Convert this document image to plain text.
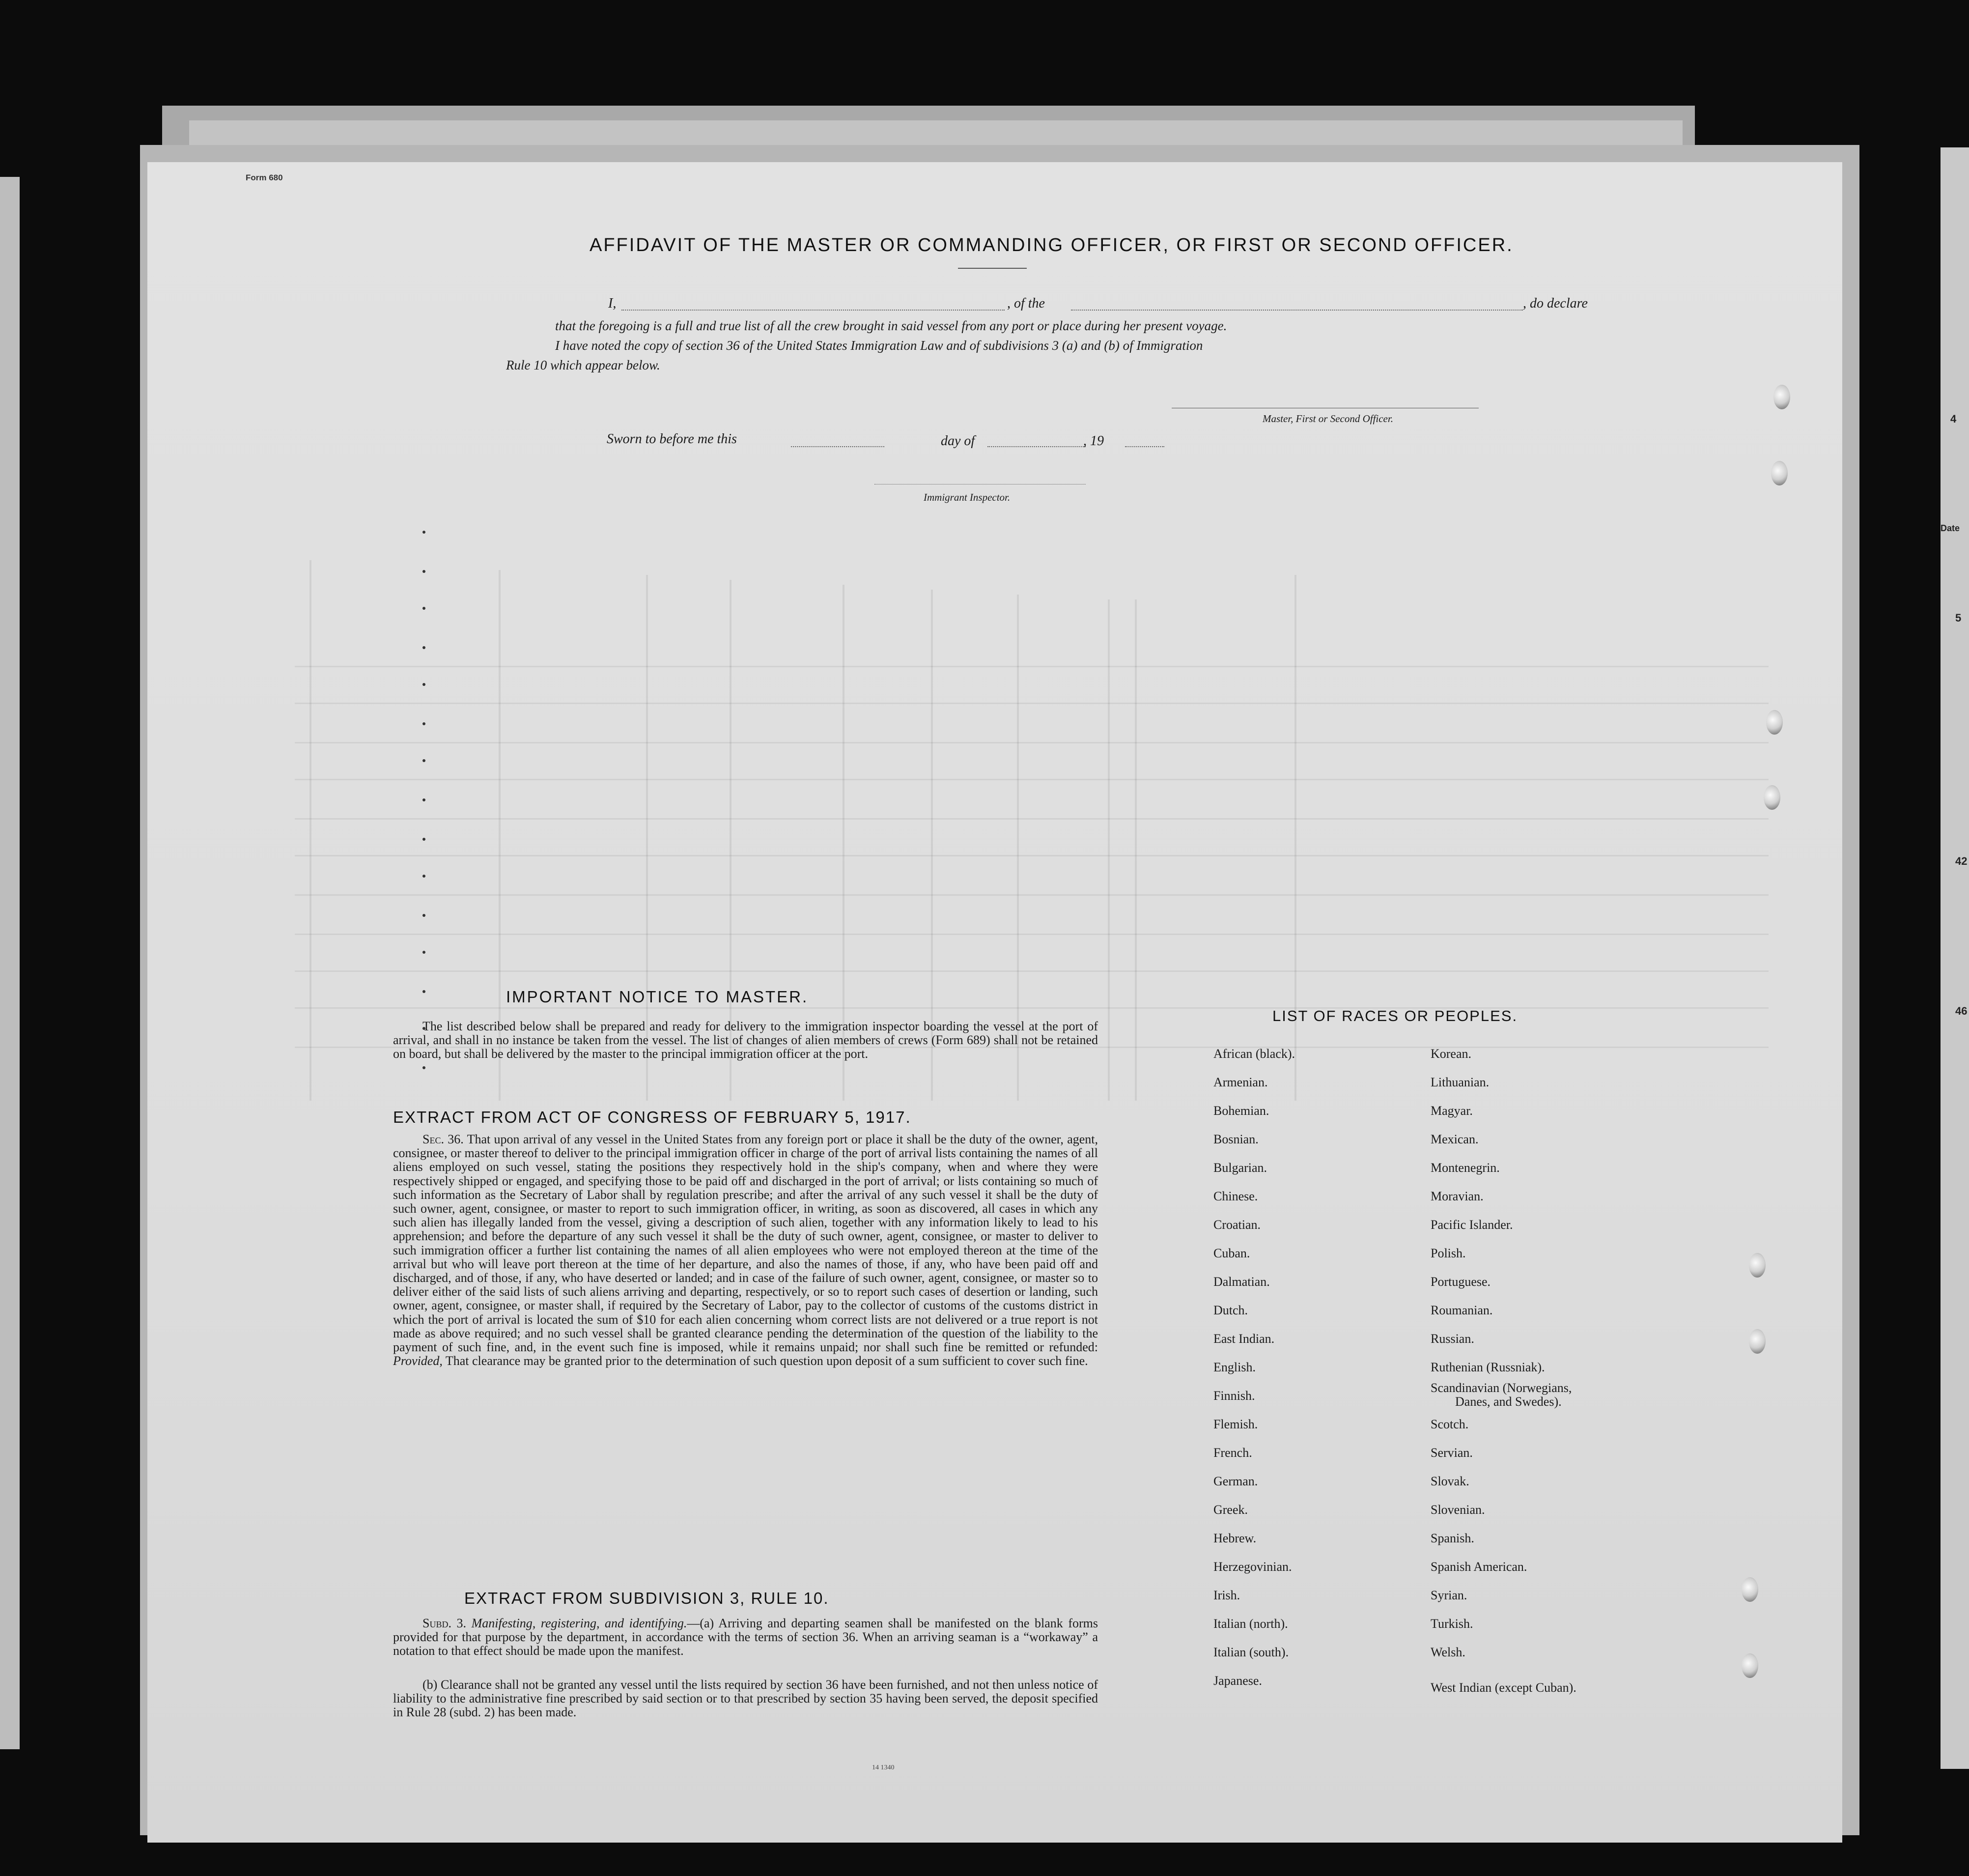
4
Date
5
42
46
Form 680
AFFIDAVIT OF THE MASTER OR COMMANDING OFFICER, OR FIRST OR SECOND OFFICER.
I,	, of the	, do declare
that the foregoing is a full and true list of all the crew brought in said vessel from any port or place during her present voyage.
I have noted the copy of section 36 of the United States Immigration Law and of subdivisions 3 (a) and (b) of Immigration
Rule 10 which appear below.
Master, First or Second Officer.
Sworn to before me this	day of	, 19
Immigrant Inspector.
IMPORTANT NOTICE TO MASTER.

The list described below shall be prepared and ready for delivery to the immigration inspector boarding the vessel at the port of arrival, and shall in no instance be taken from the vessel. The list of changes of alien members of crews (Form 689) shall not be retained on board, but shall be delivered by the master to the principal immigration officer at the port.

EXTRACT FROM ACT OF CONGRESS OF FEBRUARY 5, 1917.

Sec. 36. That upon arrival of any vessel in the United States from any foreign port or place it shall be the duty of the owner, agent, consignee, or master thereof to deliver to the principal immigration officer in charge of the port of arrival lists containing the names of all aliens employed on such vessel, stating the positions they respectively hold in the ship's company, when and where they were respectively shipped or engaged, and specifying those to be paid off and discharged in the port of arrival; or lists containing so much of such information as the Secretary of Labor shall by regulation prescribe; and after the arrival of any such vessel it shall be the duty of such owner, agent, consignee, or master to report to such immigration officer, in writing, as soon as discovered, all cases in which any such alien has illegally landed from the vessel, giving a description of such alien, together with any information likely to lead to his apprehension; and before the departure of any such vessel it shall be the duty of such owner, agent, consignee, or master to deliver to such immigration officer a further list containing the names of all alien employees who were not employed thereon at the time of the arrival but who will leave port thereon at the time of her departure, and also the names of those, if any, who have been paid off and discharged, and of those, if any, who have deserted or landed; and in case of the failure of such owner, agent, consignee, or master so to deliver either of the said lists of such aliens arriving and departing, respectively, or so to report such cases of desertion or landing, such owner, agent, consignee, or master shall, if required by the Secretary of Labor, pay to the collector of customs of the customs district in which the port of arrival is located the sum of $10 for each alien concerning whom correct lists are not delivered or a true report is not made as above required; and no such vessel shall be granted clearance pending the determination of the question of the liability to the payment of such fine, and, in the event such fine is imposed, while it remains unpaid; nor shall such fine be remitted or refunded: Provided, That clearance may be granted prior to the determination of such question upon deposit of a sum sufficient to cover such fine.

EXTRACT FROM SUBDIVISION 3, RULE 10.

Subd. 3. Manifesting, registering, and identifying.—(a) Arriving and departing seamen shall be manifested on the blank forms provided for that purpose by the department, in accordance with the terms of section 36. When an arriving seaman is a “workaway” a notation to that effect should be made upon the manifest.

(b) Clearance shall not be granted any vessel until the lists required by section 36 have been furnished, and not then unless notice of liability to the administrative fine prescribed by said section or to that prescribed by section 35 having been served, the deposit specified in Rule 28 (subd. 2) has been made.

LIST OF RACES OR PEOPLES.
African (black).
Armenian.
Bohemian.
Bosnian.
Bulgarian.
Chinese.
Croatian.
Cuban.
Dalmatian.
Dutch.
East Indian.
English.
Finnish.
Flemish.
French.
German.
Greek.
Hebrew.
Herzegovinian.
Irish.
Italian (north).
Italian (south).
Japanese.
Korean.
Lithuanian.
Magyar.
Mexican.
Montenegrin.
Moravian.
Pacific Islander.
Polish.
Portuguese.
Roumanian.
Russian.
Ruthenian (Russniak).
Scandinavian (Norwegians,
Danes, and Swedes).
Scotch.
Servian.
Slovak.
Slovenian.
Spanish.
Spanish American.
Syrian.
Turkish.
Welsh.
West Indian (except Cuban).
14 1340
